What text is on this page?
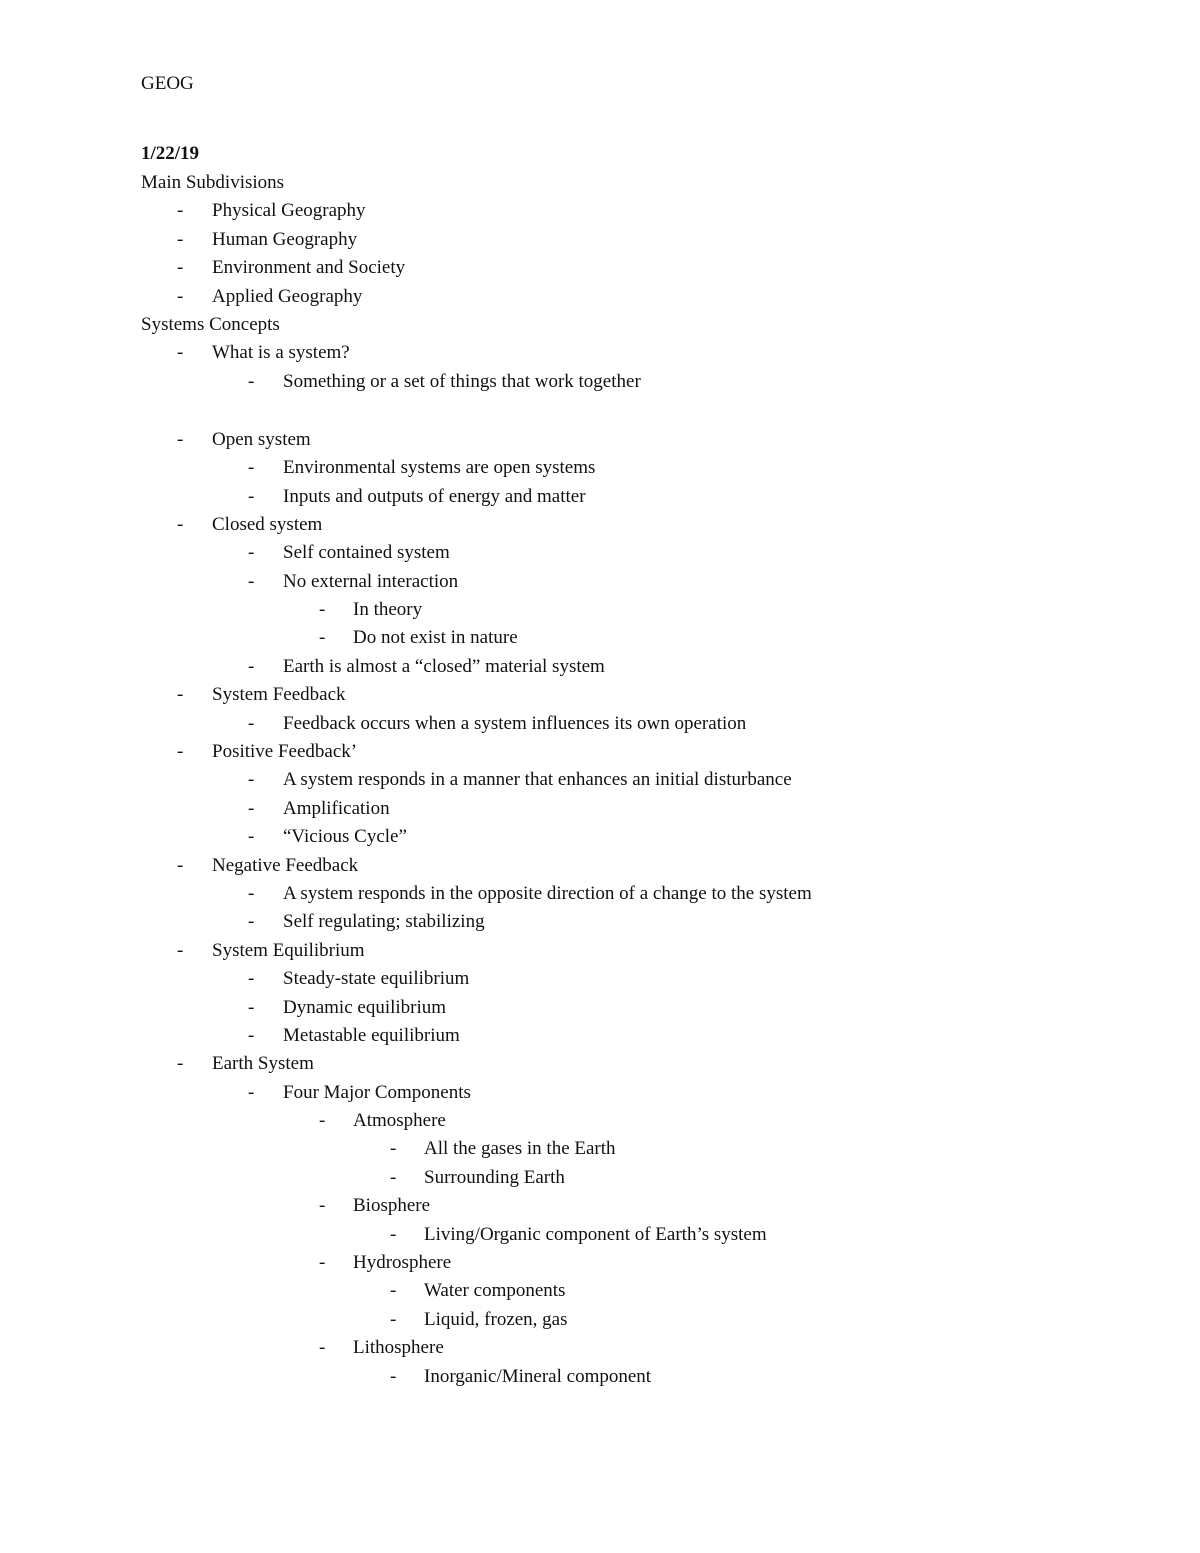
GEOG
1/22/19
Main Subdivisions
- Physical Geography
- Human Geography
- Environment and Society
- Applied Geography
Systems Concepts
- What is a system?
- Something or a set of things that work together
- Open system
- Environmental systems are open systems
- Inputs and outputs of energy and matter
- Closed system
- Self contained system
- No external interaction
- In theory
- Do not exist in nature
- Earth is almost a “closed” material system
- System Feedback
- Feedback occurs when a system influences its own operation
- Positive Feedback’
- A system responds in a manner that enhances an initial disturbance
- Amplification
- “Vicious Cycle”
- Negative Feedback
- A system responds in the opposite direction of a change to the system
- Self regulating; stabilizing
- System Equilibrium
- Steady-state equilibrium
- Dynamic equilibrium
- Metastable equilibrium
- Earth System
- Four Major Components
- Atmosphere
- All the gases in the Earth
- Surrounding Earth
- Biosphere
- Living/Organic component of Earth’s system
- Hydrosphere
- Water components
- Liquid, frozen, gas
- Lithosphere
- Inorganic/Mineral component
